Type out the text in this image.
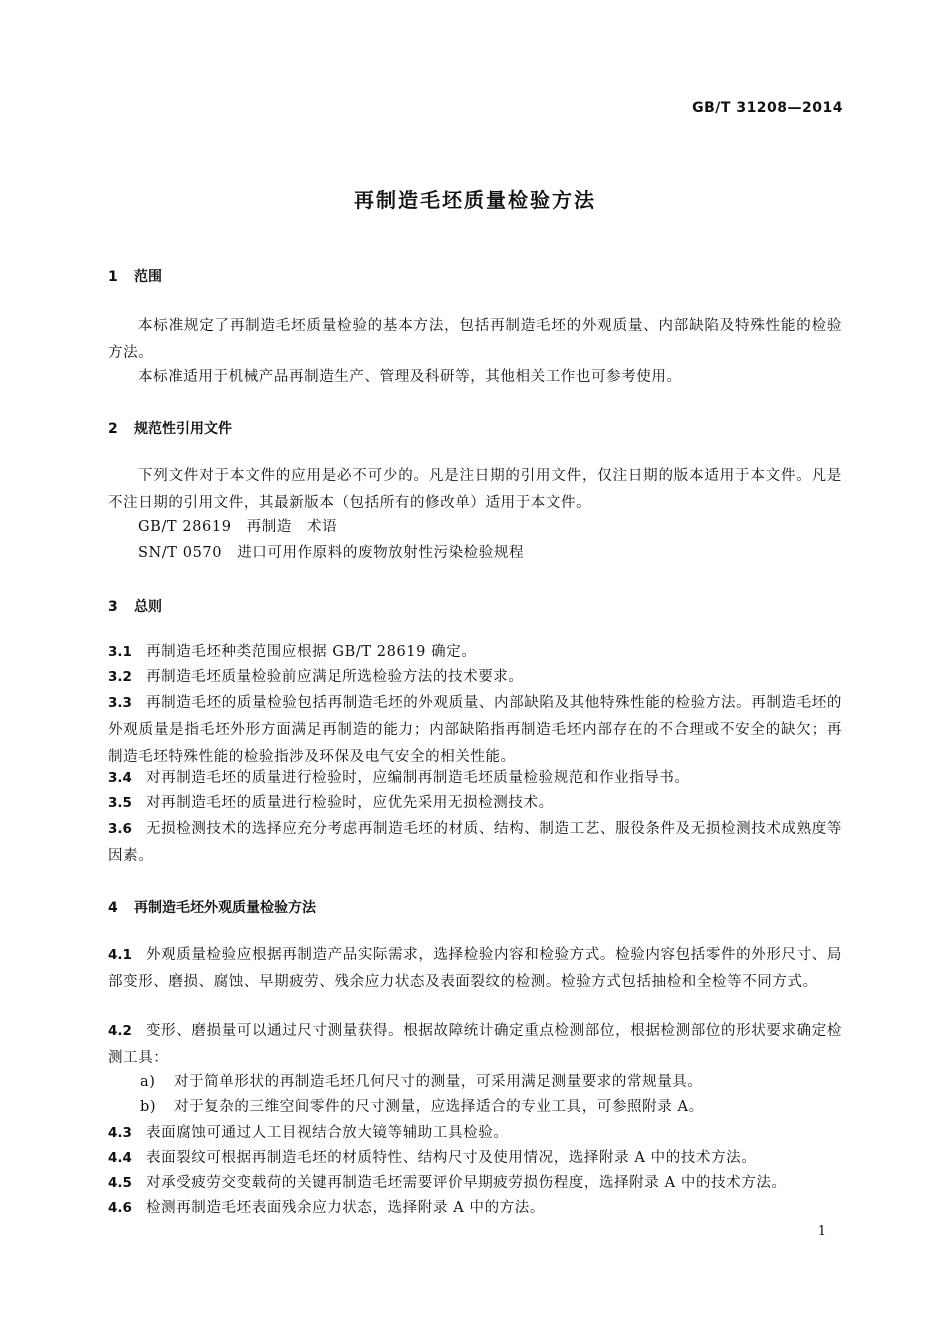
GB/T 31208—2014
再制造毛坯质量检验方法
1 范围
本标准规定了再制造毛坯质量检验的基本方法，包括再制造毛坯的外观质量、内部缺陷及特殊性能的检验方法。
本标准适用于机械产品再制造生产、管理及科研等，其他相关工作也可参考使用。
2 规范性引用文件
下列文件对于本文件的应用是必不可少的。凡是注日期的引用文件，仅注日期的版本适用于本文件。凡是不注日期的引用文件，其最新版本（包括所有的修改单）适用于本文件。
GB/T 28619　再制造　术语
SN/T 0570　进口可用作原料的废物放射性污染检验规程
3 总则
3.1 再制造毛坯种类范围应根据 GB/T 28619 确定。
3.2 再制造毛坯质量检验前应满足所选检验方法的技术要求。
3.3 再制造毛坯的质量检验包括再制造毛坯的外观质量、内部缺陷及其他特殊性能的检验方法。再制造毛坯的外观质量是指毛坯外形方面满足再制造的能力；内部缺陷指再制造毛坯内部存在的不合理或不安全的缺欠；再制造毛坯特殊性能的检验指涉及环保及电气安全的相关性能。
3.4 对再制造毛坯的质量进行检验时，应编制再制造毛坯质量检验规范和作业指导书。
3.5 对再制造毛坯的质量进行检验时，应优先采用无损检测技术。
3.6 无损检测技术的选择应充分考虑再制造毛坯的材质、结构、制造工艺、服役条件及无损检测技术成熟度等因素。
4 再制造毛坯外观质量检验方法
4.1 外观质量检验应根据再制造产品实际需求，选择检验内容和检验方式。检验内容包括零件的外形尺寸、局部变形、磨损、腐蚀、早期疲劳、残余应力状态及表面裂纹的检测。检验方式包括抽检和全检等不同方式。
4.2 变形、磨损量可以通过尺寸测量获得。根据故障统计确定重点检测部位，根据检测部位的形状要求确定检测工具：
a) 对于简单形状的再制造毛坯几何尺寸的测量，可采用满足测量要求的常规量具。
b) 对于复杂的三维空间零件的尺寸测量，应选择适合的专业工具，可参照附录 A。
4.3 表面腐蚀可通过人工目视结合放大镜等辅助工具检验。
4.4 表面裂纹可根据再制造毛坯的材质特性、结构尺寸及使用情况，选择附录 A 中的技术方法。
4.5 对承受疲劳交变载荷的关键再制造毛坯需要评价早期疲劳损伤程度，选择附录 A 中的技术方法。
4.6 检测再制造毛坯表面残余应力状态，选择附录 A 中的方法。
1
